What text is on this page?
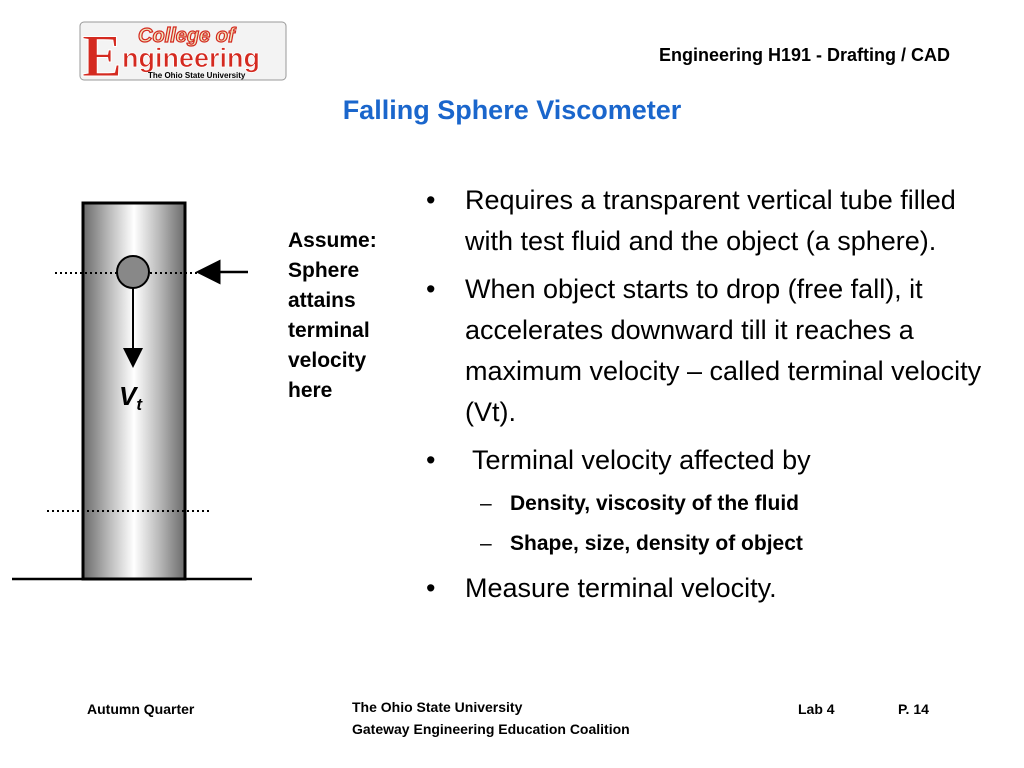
E College of
ngineering
The Ohio State University
Engineering H191 - Drafting / CAD
Falling Sphere Viscometer
Vt
Assume:
Sphere
attains
terminal
velocity
here
• Requires a transparent vertical tube filled with test fluid and the object (a sphere).
• When object starts to drop (free fall), it accelerates downward till it reaches a maximum velocity – called terminal velocity (Vt).
• Terminal velocity affected by
– Density, viscosity of the fluid
– Shape, size, density of object
• Measure terminal velocity.
Autumn Quarter	The Ohio State University
Gateway Engineering Education Coalition
Lab 4	P. 14
